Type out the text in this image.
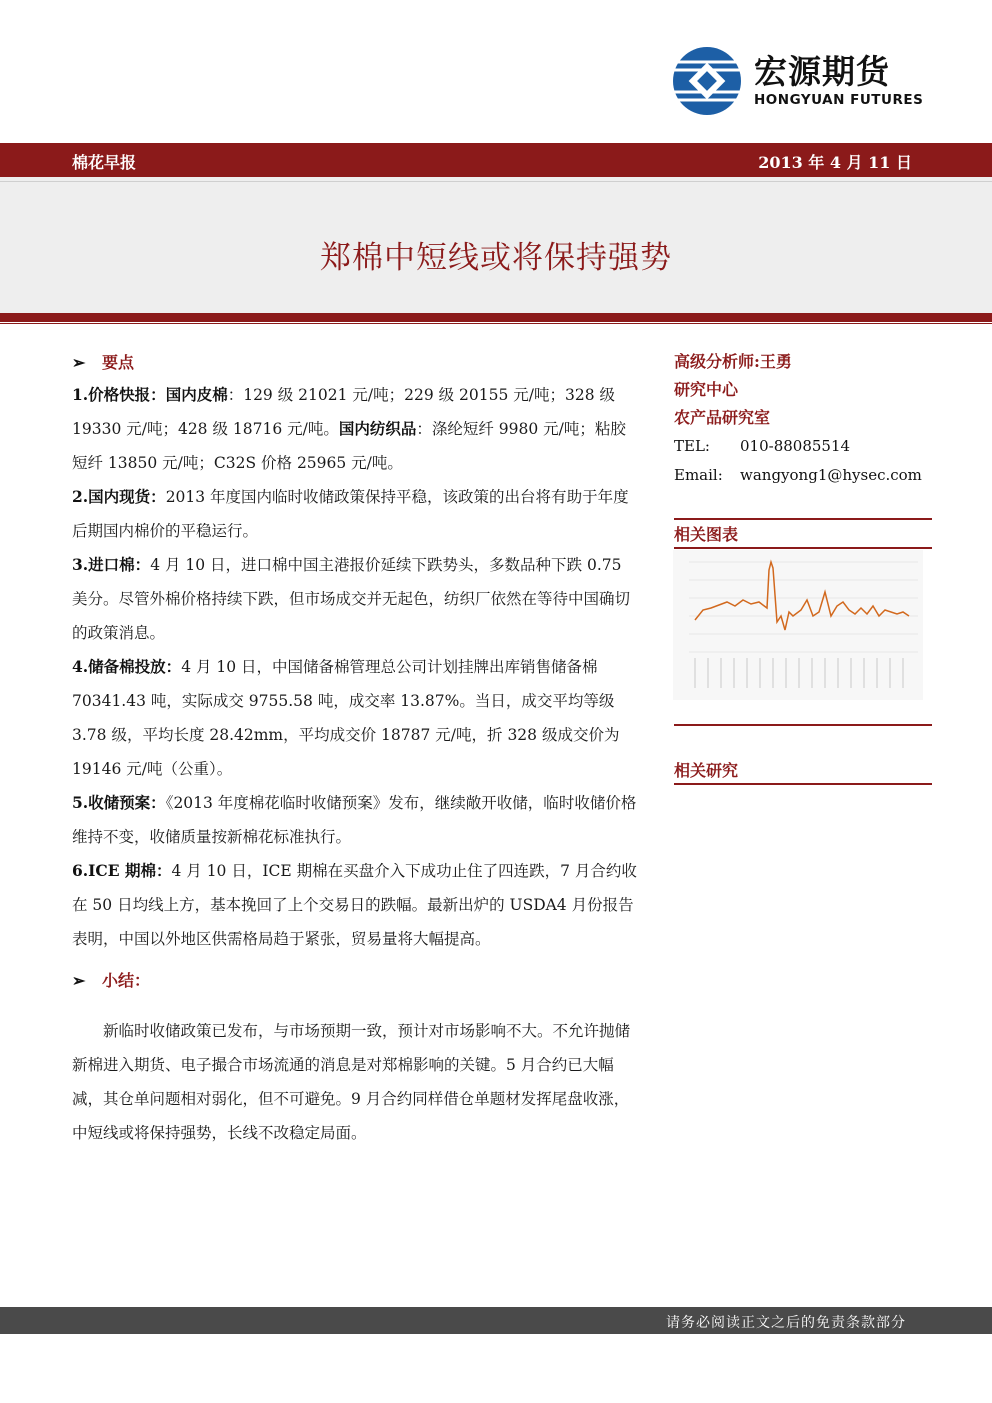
宏源期货
HONGYUAN FUTURES
棉花早报	2013 年 4 月 11 日
郑棉中短线或将保持强势
➢ 要点
1.价格快报：国内皮棉：129 级 21021 元/吨；229 级 20155 元/吨；328 级19330 元/吨；428 级 18716 元/吨。国内纺织品：涤纶短纤 9980 元/吨；粘胶短纤 13850 元/吨；C32S 价格 25965 元/吨。
2.国内现货：2013 年度国内临时收储政策保持平稳，该政策的出台将有助于年度后期国内棉价的平稳运行。
3.进口棉：4 月 10 日，进口棉中国主港报价延续下跌势头，多数品种下跌 0.75 美分。尽管外棉价格持续下跌，但市场成交并无起色，纺织厂依然在等待中国确切的政策消息。
4.储备棉投放：4 月 10 日，中国储备棉管理总公司计划挂牌出库销售储备棉 70341.43 吨，实际成交 9755.58 吨，成交率 13.87%。当日，成交平均等级 3.78 级，平均长度 28.42mm，平均成交价 18787 元/吨，折 328 级成交价为 19146 元/吨（公重）。
5.收储预案：《2013 年度棉花临时收储预案》发布，继续敞开收储，临时收储价格维持不变，收储质量按新棉花标准执行。
6.ICE 期棉：4 月 10 日，ICE 期棉在买盘介入下成功止住了四连跌，7 月合约收在 50 日均线上方，基本挽回了上个交易日的跌幅。最新出炉的 USDA4 月份报告表明，中国以外地区供需格局趋于紧张，贸易量将大幅提高。
➢ 小结：
新临时收储政策已发布，与市场预期一致，预计对市场影响不大。不允许抛储新棉进入期货、电子撮合市场流通的消息是对郑棉影响的关键。5 月合约已大幅减，其仓单问题相对弱化，但不可避免。9 月合约同样借仓单题材发挥尾盘收涨，中短线或将保持强势，长线不改稳定局面。
高级分析师:王勇
研究中心
农产品研究室
TEL: 010-88085514
Email: wangyong1@hysec.com
相关图表
相关研究
请务必阅读正文之后的免责条款部分
